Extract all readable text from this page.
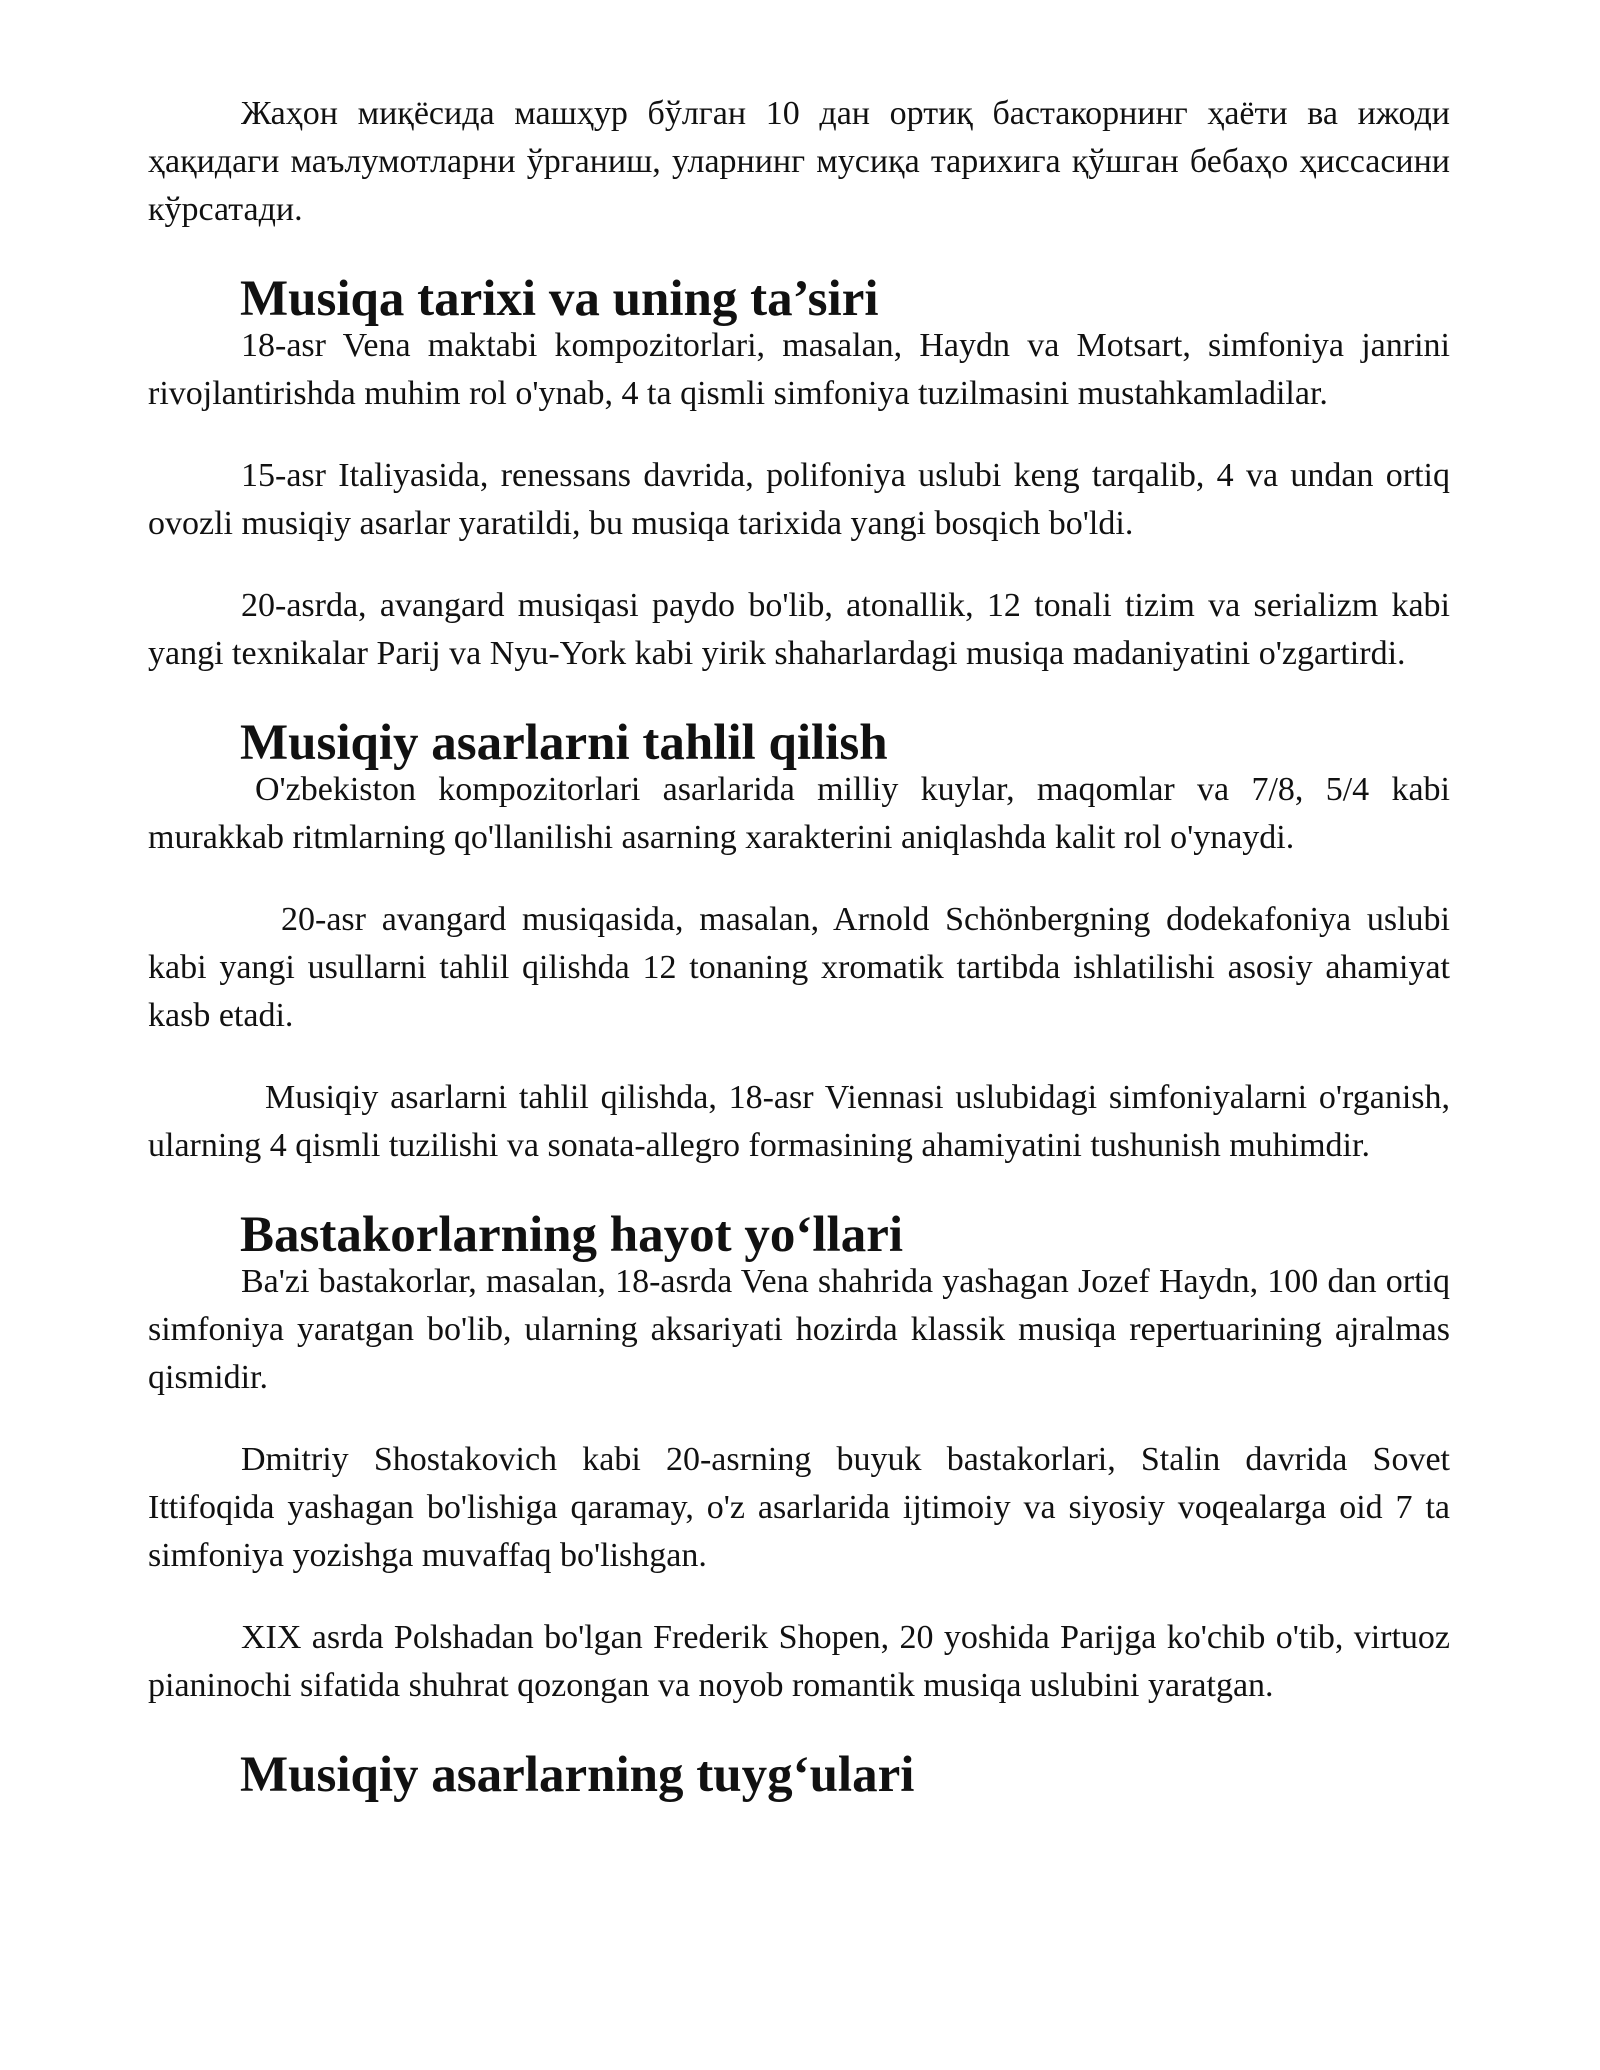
Жаҳон миқёсида машҳур бўлган 10 дан ортиқ бастакорнинг ҳаёти ва ижоди ҳақидаги маълумотларни ўрганиш, уларнинг мусиқа тарихига қўшган бебаҳо ҳиссасини кўрсатади.

Musiqa tarixi va uning ta’siri

18-asr Vena maktabi kompozitorlari, masalan, Haydn va Motsart, simfoniya janrini rivojlantirishda muhim rol o'ynab, 4 ta qismli simfoniya tuzilmasini mustahkamladilar.

15-asr Italiyasida, renessans davrida, polifoniya uslubi keng tarqalib, 4 va undan ortiq ovozli musiqiy asarlar yaratildi, bu musiqa tarixida yangi bosqich bo'ldi.

20-asrda, avangard musiqasi paydo bo'lib, atonallik, 12 tonali tizim va serializm kabi yangi texnikalar Parij va Nyu-York kabi yirik shaharlardagi musiqa madaniyatini o'zgartirdi.

Musiqiy asarlarni tahlil qilish

O'zbekiston kompozitorlari asarlarida milliy kuylar, maqomlar va 7/8, 5/4 kabi murakkab ritmlarning qo'llanilishi asarning xarakterini aniqlashda kalit rol o'ynaydi.

20-asr avangard musiqasida, masalan, Arnold Schönbergning dodekafoniya uslubi kabi yangi usullarni tahlil qilishda 12 tonaning xromatik tartibda ishlatilishi asosiy ahamiyat kasb etadi.

Musiqiy asarlarni tahlil qilishda, 18-asr Viennasi uslubidagi simfoniyalarni o'rganish, ularning 4 qismli tuzilishi va sonata-allegro formasining ahamiyatini tushunish muhimdir.

Bastakorlarning hayot yoʻllari

Ba'zi bastakorlar, masalan, 18-asrda Vena shahrida yashagan Jozef Haydn, 100 dan ortiq simfoniya yaratgan bo'lib, ularning aksariyati hozirda klassik musiqa repertuarining ajralmas qismidir.

Dmitriy Shostakovich kabi 20-asrning buyuk bastakorlari, Stalin davrida Sovet Ittifoqida yashagan bo'lishiga qaramay, o'z asarlarida ijtimoiy va siyosiy voqealarga oid 7 ta simfoniya yozishga muvaffaq bo'lishgan.

XIX asrda Polshadan bo'lgan Frederik Shopen, 20 yoshida Parijga ko'chib o'tib, virtuoz pianinochi sifatida shuhrat qozongan va noyob romantik musiqa uslubini yaratgan.

Musiqiy asarlarning tuygʻulari
